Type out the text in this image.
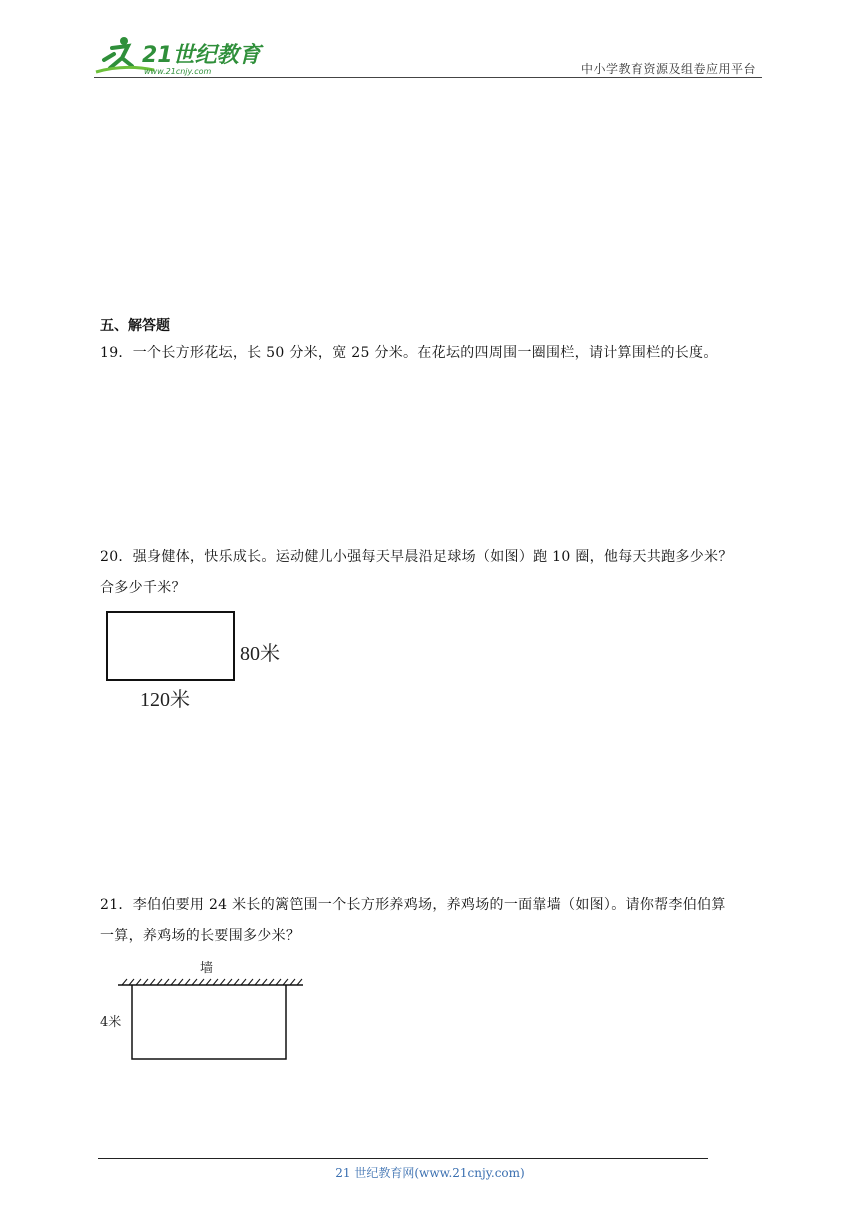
21世纪教育
www.21cnjy.com	中小学教育资源及组卷应用平台
五、解答题
19．一个长方形花坛，长 50 分米，宽 25 分米。在花坛的四周围一圈围栏，请计算围栏的长度。
20．强身健体，快乐成长。运动健儿小强每天早晨沿足球场（如图）跑 10 圈，他每天共跑多少米？
合多少千米？
80米
120米
21．李伯伯要用 24 米长的篱笆围一个长方形养鸡场，养鸡场的一面靠墙（如图）。请你帮李伯伯算
一算，养鸡场的长要围多少米？
墙
4米
21 世纪教育网(www.21cnjy.com)
